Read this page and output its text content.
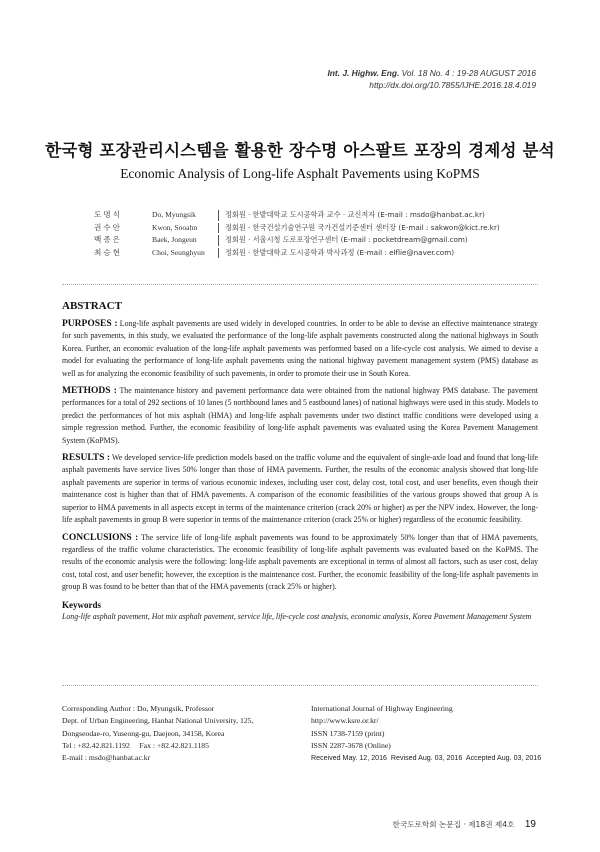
Int. J. Highw. Eng. Vol. 18 No. 4 : 19-28 AUGUST 2016
http://dx.doi.org/10.7855/IJHE.2016.18.4.019
한국형 포장관리시스템을 활용한 장수명 아스팔트 포장의 경제성 분석
Economic Analysis of Long-life Asphalt Pavements using KoPMS
도명식	Do, Myungsik	정회원 · 한밭대학교 도시공학과 교수 · 교신저자 (E-mail : msdo@hanbat.ac.kr)
권수안	Kwon, Sooahn	정회원 · 한국건설기술연구원 국가건설기준센터 센터장 (E-mail : sakwon@kict.re.kr)
백종은	Baek, Jongeun	정회원 · 서울시청 도로포장연구센터 (E-mail : pocketdream@gmail.com)
최승현	Choi, Seunghyun	정회원 · 한밭대학교 도시공학과 박사과정 (E-mail : elflie@naver.com)
ABSTRACT

PURPOSES : Long-life asphalt pavements are used widely in developed countries. In order to be able to devise an effective maintenance strategy for such pavements, in this study, we evaluated the performance of the long-life asphalt pavements constructed along the national highways in South Korea. Further, an economic evaluation of the long-life asphalt pavements was performed based on a life-cycle cost analysis. We aimed to devise a model for evaluating the performance of long-life asphalt pavements using the national highway pavement management system (PMS) database as well as for analyzing the economic feasibility of such pavements, in order to promote their use in South Korea.

METHODS : The maintenance history and pavement performance data were obtained from the national highway PMS database. The pavement performances for a total of 292 sections of 10 lanes (5 northbound lanes and 5 eastbound lanes) of national highways were used in this study. Models to predict the performances of hot mix asphalt (HMA) and long-life asphalt pavements under two distinct traffic conditions were developed using a simple regression method. Further, the economic feasibility of long-life asphalt pavements was evaluated using the Korea Pavement Management System (KoPMS).

RESULTS : We developed service-life prediction models based on the traffic volume and the equivalent of single-axle load and found that long-life asphalt pavements have service lives 50% longer than those of HMA pavements. Further, the results of the economic analysis showed that long-life asphalt pavements are superior in terms of various economic indexes, including user cost, delay cost, total cost, and user benefits, even though their maintenance cost is higher than that of HMA pavements. A comparison of the economic feasibilities of the various groups showed that group A is superior to HMA pavements in all aspects except in terms of the maintenance criterion (crack 20% or higher) as per the NPV index. However, the long-life asphalt pavements in group B were superior in terms of the maintenance criterion (crack 25% or higher) regardless of the economic feasibility.

CONCLUSIONS : The service life of long-life asphalt pavements was found to be approximately 50% longer than that of HMA pavements, regardless of the traffic volume characteristics. The economic feasibility of long-life asphalt pavements was evaluated based on the KoPMS. The results of the economic analysis were the following: long-life asphalt pavements are exceptional in terms of almost all factors, such as user cost, delay cost, total cost, and user benefit; however, the exception is the maintenance cost. Further, the economic feasibility of the long-life asphalt pavements in group B was found to be better than that of the HMA pavements (crack 25% or higher).

Keywords
Long-life asphalt pavement, Hot mix asphalt pavement, service life, life-cycle cost analysis, economic analysis, Korea Pavement Management System
Corresponding Author : Do, Myungsik, Professor
Dept. of Urban Engineering, Hanbat National University, 125,
Dongseodae-ro, Yuseong-gu, Daejeon, 34158, Korea
Tel : +82.42.821.1192     Fax : +82.42.821.1185
E-mail : msdo@hanbat.ac.kr
International Journal of Highway Engineering
http://www.ksre.or.kr/
ISSN 1738-7159 (print)
ISSN 2287-3678 (Online)
Received May. 12, 2016  Revised Aug. 03, 2016  Accepted Aug. 03, 2016
한국도로학회 논문집 · 제18권 제4호 19
